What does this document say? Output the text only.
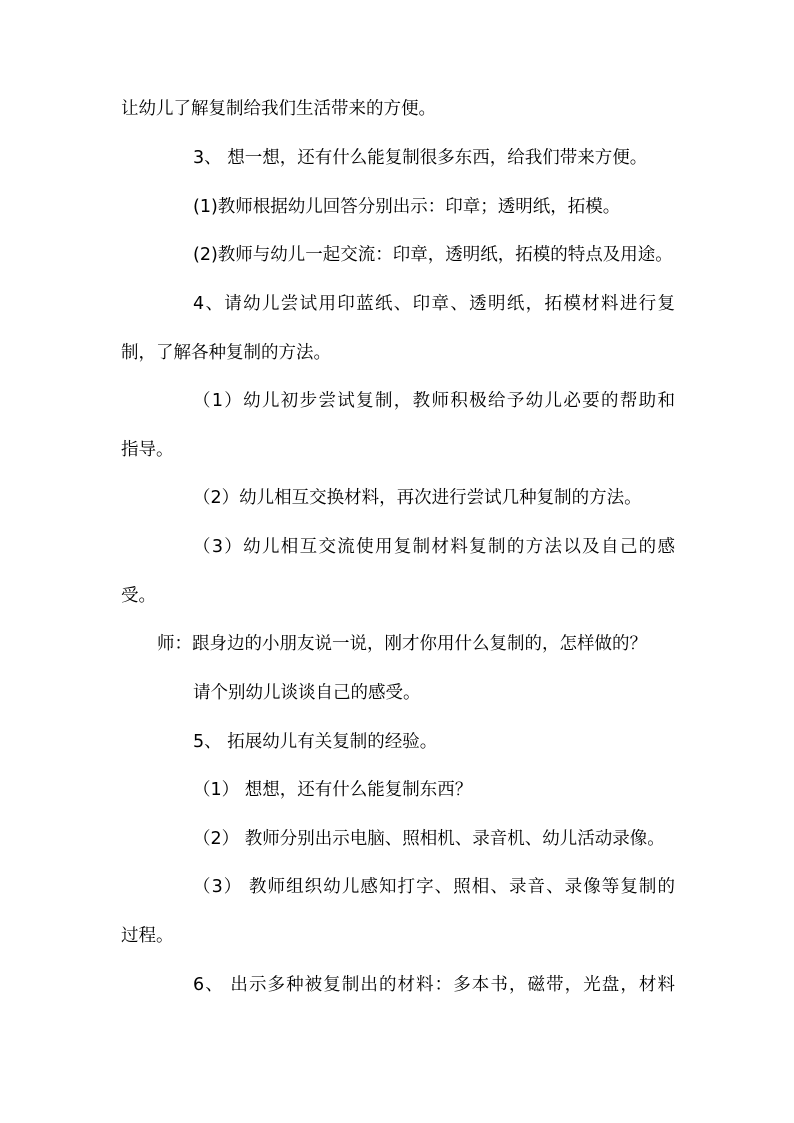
让幼儿了解复制给我们生活带来的方便。
3、 想一想，还有什么能复制很多东西，给我们带来方便。
(1)教师根据幼儿回答分别出示：印章；透明纸，拓模。
(2)教师与幼儿一起交流：印章，透明纸，拓模的特点及用途。
4、请幼儿尝试用印蓝纸、印章、透明纸，拓模材料进行复
制，了解各种复制的方法。
（1）幼儿初步尝试复制，教师积极给予幼儿必要的帮助和
指导。
（2）幼儿相互交换材料，再次进行尝试几种复制的方法。
（3）幼儿相互交流使用复制材料复制的方法以及自己的感
受。
师：跟身边的小朋友说一说，刚才你用什么复制的，怎样做的？
请个别幼儿谈谈自己的感受。
5、 拓展幼儿有关复制的经验。
（1） 想想，还有什么能复制东西？
（2） 教师分别出示电脑、照相机、录音机、幼儿活动录像。
（3） 教师组织幼儿感知打字、照相、录音、录像等复制的
过程。
6、 出示多种被复制出的材料：多本书，磁带，光盘，材料
